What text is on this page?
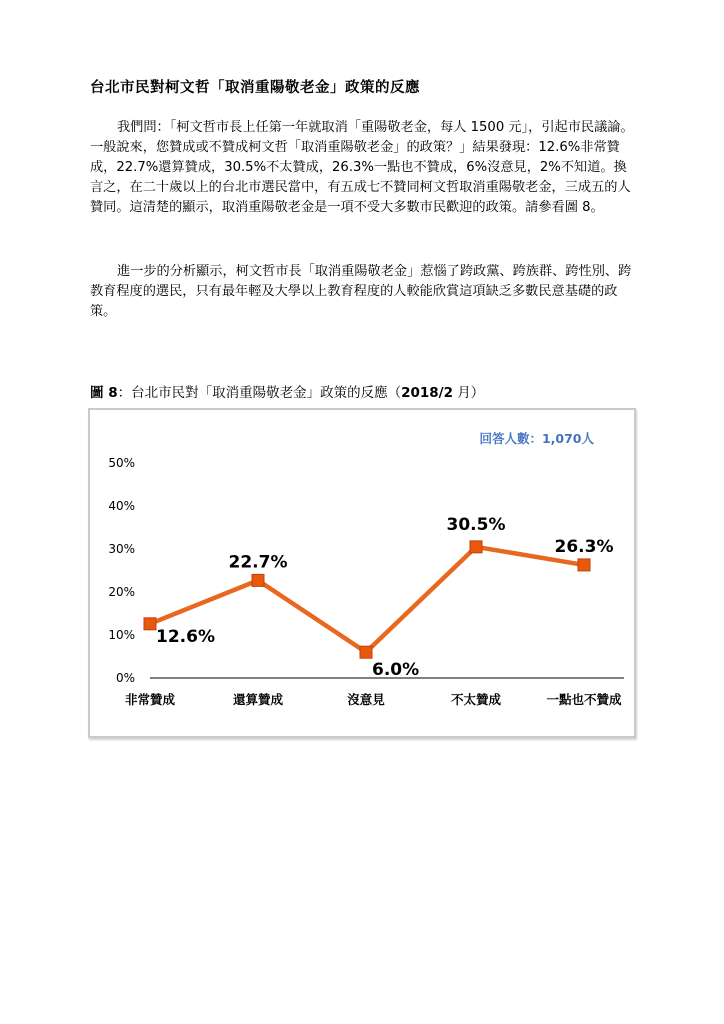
台北市民對柯文哲「取消重陽敬老金」政策的反應

我們問：「柯文哲市長上任第一年就取消「重陽敬老金，每人 1500 元」，引起市民議論。一般說來，您贊成或不贊成柯文哲「取消重陽敬老金」的政策？」結果發現：12.6%非常贊成，22.7%還算贊成，30.5%不太贊成，26.3%一點也不贊成，6%沒意見，2%不知道。換言之，在二十歲以上的台北市選民當中，有五成七不贊同柯文哲取消重陽敬老金，三成五的人贊同。這清楚的顯示，取消重陽敬老金是一項不受大多數市民歡迎的政策。請參看圖 8。

進一步的分析顯示，柯文哲市長「取消重陽敬老金」惹惱了跨政黨、跨族群、跨性別、跨教育程度的選民，只有最年輕及大學以上教育程度的人較能欣賞這項缺乏多數民意基礎的政策。

圖 8：台北市民對「取消重陽敬老金」政策的反應（2018/2 月）
回答人數：1,070人
0%
10%
20%
30%
40%
50%
非常贊成	還算贊成	沒意見	不太贊成	一點也不贊成
12.6%
22.7%
6.0%
30.5%
26.3%
